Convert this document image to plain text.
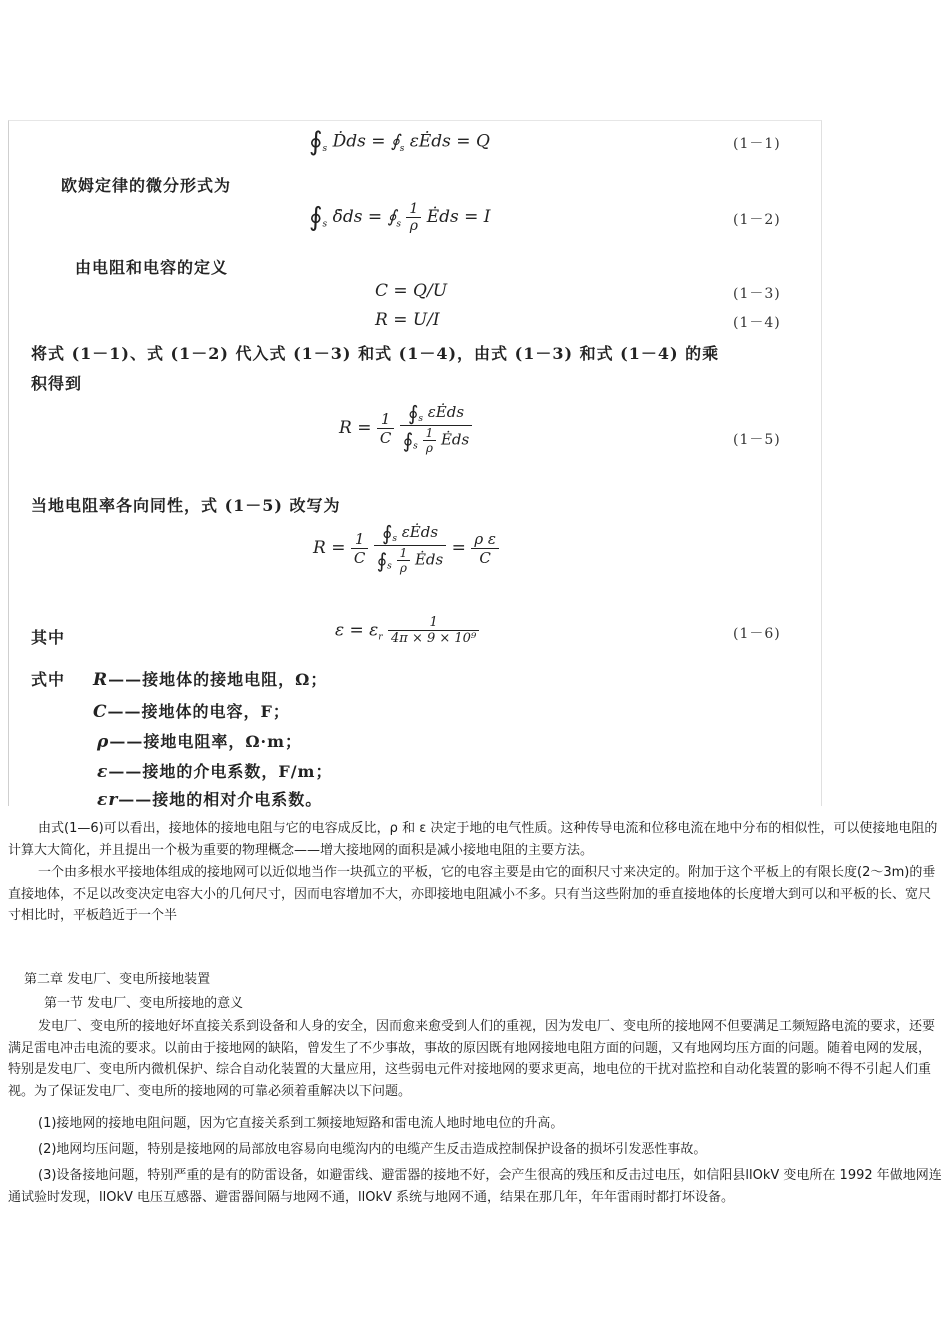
$∮_s$ Ḋds = $∮_s$ εĖds = Q	(1－1)
欧姆定律的微分形式为
$∮_s$ δ̇ds = $∮_s \frac{1}{\rho}$ Ėds = I	(1－2)
由电阻和电容的定义
C = Q/U	(1－3)
R = U/I	(1－4)
将式 (1－1)、式 (1－2) 代入式 (1－3) 和式 (1－4)，由式 (1－3) 和式 (1－4) 的乘
积得到
$R = \frac{1}{C}$
$\frac{∮_s \varepsilon Ėds}{∮_s \frac{1}{\rho} Ėds}$	(1－5)
当地电阻率各向同性，式 (1－5) 改写为
$R = \frac{1}{C}$
$\frac{∮_s \varepsilon Ėds}{∮_s \frac{1}{\rho} Ėds} = \frac{\text{ρ ε}}{C}$
其中	$\varepsilon = \varepsilon_r \frac{1}{\text{4π × 9 × 10⁹}}$	(1－6)
式中 R——接地体的接地电阻，Ω；
C——接地体的电容，F；
ρ——接地电阻率，Ω·m；
ε——接地的介电系数，F/m；
εr——接地的相对介电系数。
由式(1—6)可以看出，接地体的接地电阻与它的电容成反比，ρ 和 ε 决定于地的电气性质。这种传导电流和位移电流在地中分布的相似性，可以使接地电阻的计算大大简化，并且提出一个极为重要的物理概念——增大接地网的面积是减小接地电阻的主要方法。
一个由多根水平接地体组成的接地网可以近似地当作一块孤立的平板，它的电容主要是由它的面积尺寸来决定的。附加于这个平板上的有限长度(2～3m)的垂直接地体，不足以改变决定电容大小的几何尺寸，因而电容增加不大，亦即接地电阻减小不多。只有当这些附加的垂直接地体的长度增大到可以和平板的长、宽尺寸相比时，平板趋近于一个半
第二章 发电厂、变电所接地装置
第一节 发电厂、变电所接地的意义
发电厂、变电所的接地好坏直接关系到设备和人身的安全，因而愈来愈受到人们的重视，因为发电厂、变电所的接地网不但要满足工频短路电流的要求，还要满足雷电冲击电流的要求。以前由于接地网的缺陷，曾发生了不少事故，事故的原因既有地网接地电阻方面的问题，又有地网均压方面的问题。随着电网的发展，特别是发电厂、变电所内微机保护、综合自动化装置的大量应用，这些弱电元件对接地网的要求更高，地电位的干扰对监控和自动化装置的影响不得不引起人们重视。为了保证发电厂、变电所的接地网的可靠必须着重解决以下问题。
(1)接地网的接地电阻问题，因为它直接关系到工频接地短路和雷电流人地时地电位的升高。
(2)地网均压问题，特别是接地网的局部放电容易向电缆沟内的电缆产生反击造成控制保护设备的损坏引发恶性事故。
(3)设备接地问题，特别严重的是有的防雷设备，如避雷线、避雷器的接地不好，会产生很高的残压和反击过电压，如信阳县llOkV 变电所在 1992 年做地网连通试验时发现，llOkV 电压互感器、避雷器间隔与地网不通，llOkV 系统与地网不通，结果在那几年，年年雷雨时都打坏设备。
